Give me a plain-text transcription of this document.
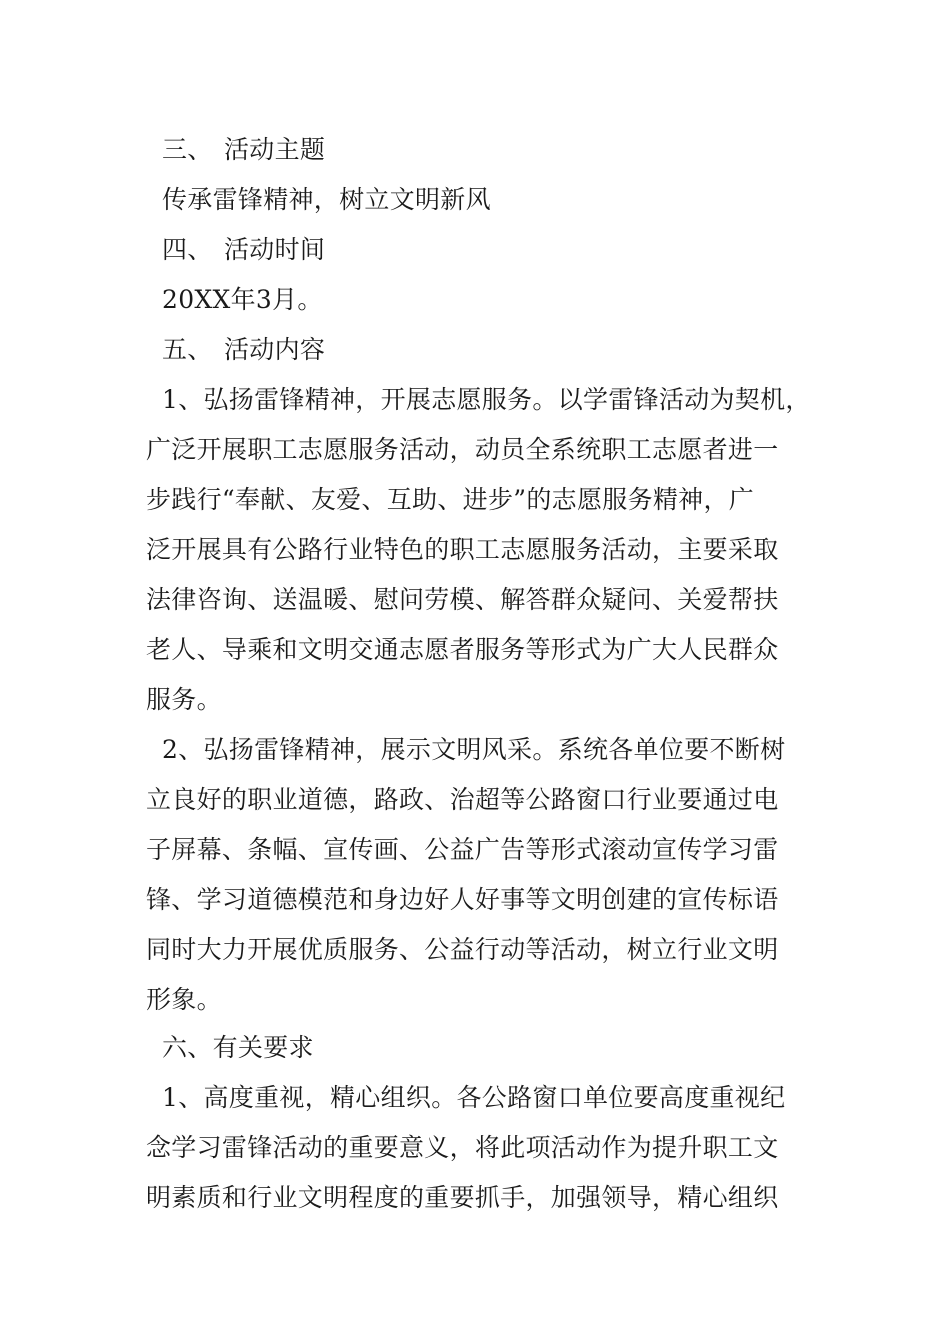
三、 活动主题
传承雷锋精神，树立文明新风
四、 活动时间
20XX年3月。
五、 活动内容
1、弘扬雷锋精神，开展志愿服务。以学雷锋活动为契机，
广泛开展职工志愿服务活动，动员全系统职工志愿者进一
步践行“奉献、友爱、互助、进步”的志愿服务精神，广
泛开展具有公路行业特色的职工志愿服务活动，主要采取
法律咨询、送温暖、慰问劳模、解答群众疑问、关爱帮扶
老人、导乘和文明交通志愿者服务等形式为广大人民群众
服务。
2、弘扬雷锋精神，展示文明风采。系统各单位要不断树
立良好的职业道德，路政、治超等公路窗口行业要通过电
子屏幕、条幅、宣传画、公益广告等形式滚动宣传学习雷
锋、学习道德模范和身边好人好事等文明创建的宣传标语
同时大力开展优质服务、公益行动等活动，树立行业文明
形象。
六、有关要求
1、高度重视，精心组织。各公路窗口单位要高度重视纪
念学习雷锋活动的重要意义，将此项活动作为提升职工文
明素质和行业文明程度的重要抓手，加强领导，精心组织
